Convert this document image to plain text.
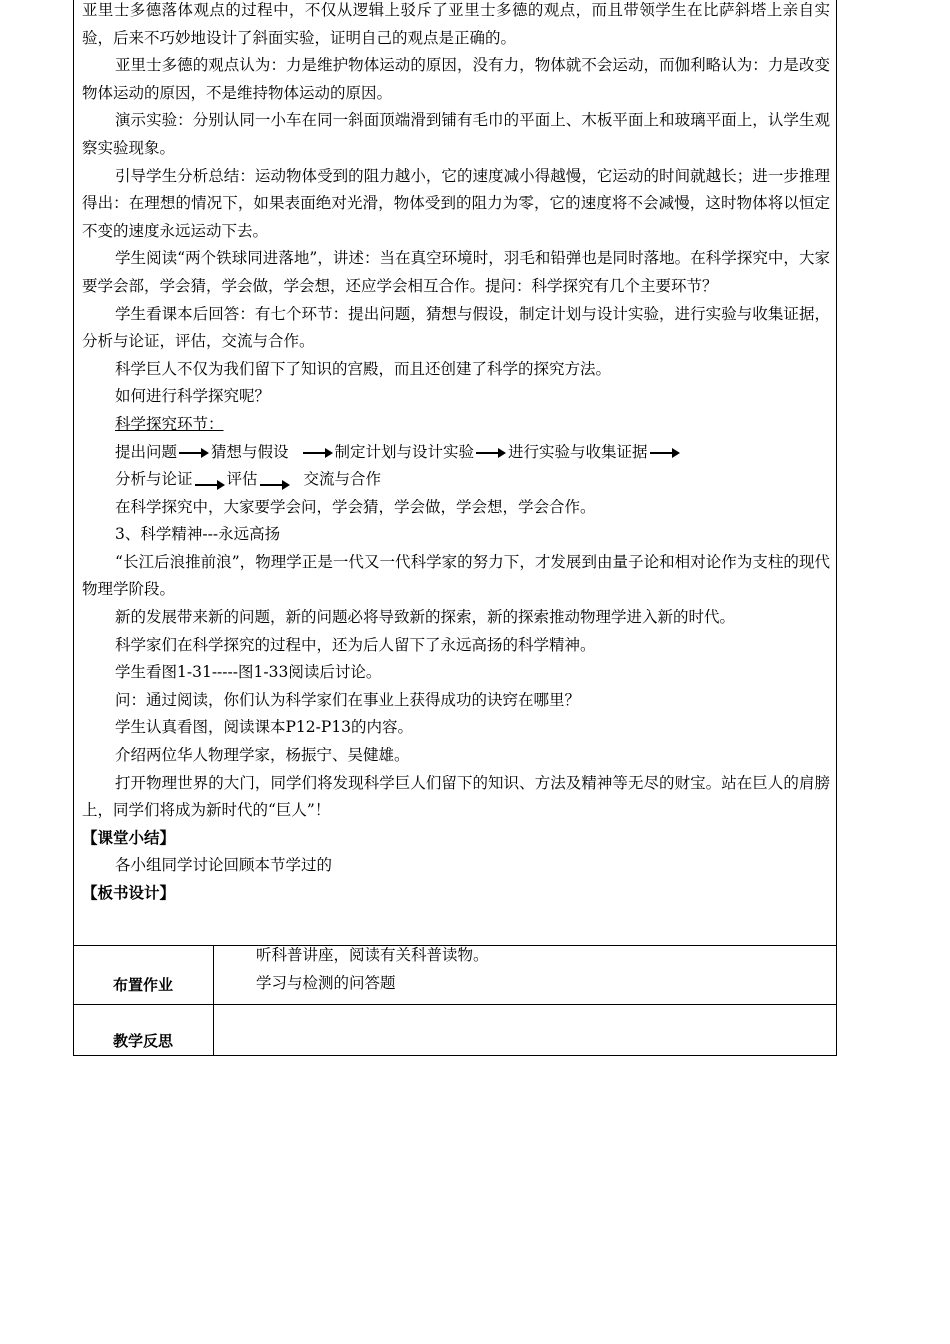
亚里士多德落体观点的过程中，不仅从逻辑上驳斥了亚里士多德的观点，而且带领学生在比萨斜塔上亲自实验，后来不巧妙地设计了斜面实验，证明自己的观点是正确的。

亚里士多德的观点认为：力是维护物体运动的原因，没有力，物体就不会运动，而伽利略认为：力是改变物体运动的原因，不是维持物体运动的原因。

演示实验：分别认同一小车在同一斜面顶端滑到铺有毛巾的平面上、木板平面上和玻璃平面上，认学生观察实验现象。

引导学生分析总结：运动物体受到的阻力越小，它的速度减小得越慢，它运动的时间就越长；进一步推理得出：在理想的情况下，如果表面绝对光滑，物体受到的阻力为零，它的速度将不会减慢，这时物体将以恒定不变的速度永远运动下去。

学生阅读“两个铁球同进落地”，讲述：当在真空环境时，羽毛和铅弹也是同时落地。在科学探究中，大家要学会部，学会猜，学会做，学会想，还应学会相互合作。提问：科学探究有几个主要环节？

学生看课本后回答：有七个环节：提出问题，猜想与假设，制定计划与设计实验，进行实验与收集证据，分析与论证，评估，交流与合作。

科学巨人不仅为我们留下了知识的宫殿，而且还创建了科学的探究方法。

如何进行科学探究呢？

科学探究环节：

提出问题 猜想与假设	制定计划与设计实验 进行实验与收集证据

分析与论证 评估	交流与合作

在科学探究中，大家要学会问，学会猜，学会做，学会想，学会合作。

3、科学精神---永远高扬

“长江后浪推前浪”，物理学正是一代又一代科学家的努力下，才发展到由量子论和相对论作为支柱的现代物理学阶段。

新的发展带来新的问题，新的问题必将导致新的探索，新的探索推动物理学进入新的时代。

科学家们在科学探究的过程中，还为后人留下了永远高扬的科学精神。

学生看图1-31-----图1-33阅读后讨论。

问：通过阅读，你们认为科学家们在事业上获得成功的诀窍在哪里？

学生认真看图，阅读课本P12-P13的内容。

介绍两位华人物理学家，杨振宁、吴健雄。

打开物理世界的大门，同学们将发现科学巨人们留下的知识、方法及精神等无尽的财宝。站在巨人的肩膀上，同学们将成为新时代的“巨人”！

【课堂小结】

各小组同学讨论回顾本节学过的

【板书设计】

布置作业
听科普讲座，阅读有关科普读物。
学习与检测的问答题
教学反思
